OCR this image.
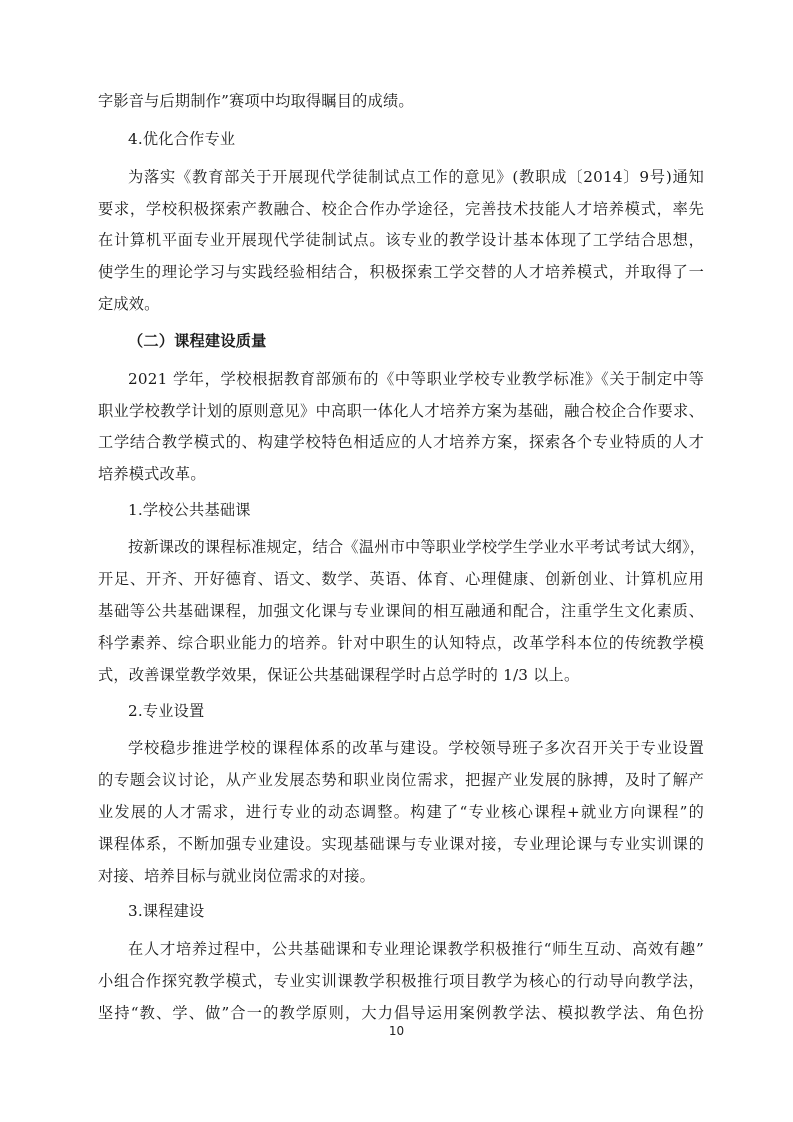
字影音与后期制作”赛项中均取得瞩目的成绩。
4.优化合作专业
为落实《教育部关于开展现代学徒制试点工作的意见》(教职成〔2014〕9号)通知
要求，学校积极探索产教融合、校企合作办学途径，完善技术技能人才培养模式，率先
在计算机平面专业开展现代学徒制试点。该专业的教学设计基本体现了工学结合思想，
使学生的理论学习与实践经验相结合，积极探索工学交替的人才培养模式，并取得了一
定成效。
（二）课程建设质量
2021 学年，学校根据教育部颁布的《中等职业学校专业教学标准》《关于制定中等
职业学校教学计划的原则意见》中高职一体化人才培养方案为基础，融合校企合作要求、
工学结合教学模式的、构建学校特色相适应的人才培养方案，探索各个专业特质的人才
培养模式改革。
1.学校公共基础课
按新课改的课程标准规定，结合《温州市中等职业学校学生学业水平考试考试大纲》，
开足、开齐、开好德育、语文、数学、英语、体育、心理健康、创新创业、计算机应用
基础等公共基础课程，加强文化课与专业课间的相互融通和配合，注重学生文化素质、
科学素养、综合职业能力的培养。针对中职生的认知特点，改革学科本位的传统教学模
式，改善课堂教学效果，保证公共基础课程学时占总学时的 1/3 以上。
2.专业设置
学校稳步推进学校的课程体系的改革与建设。学校领导班子多次召开关于专业设置
的专题会议讨论，从产业发展态势和职业岗位需求，把握产业发展的脉搏，及时了解产
业发展的人才需求，进行专业的动态调整。构建了“专业核心课程+就业方向课程”的
课程体系，不断加强专业建设。实现基础课与专业课对接，专业理论课与专业实训课的
对接、培养目标与就业岗位需求的对接。
3.课程建设
在人才培养过程中，公共基础课和专业理论课教学积极推行“师生互动、高效有趣”
小组合作探究教学模式，专业实训课教学积极推行项目教学为核心的行动导向教学法，
坚持“教、学、做”合一的教学原则，大力倡导运用案例教学法、模拟教学法、角色扮
10
